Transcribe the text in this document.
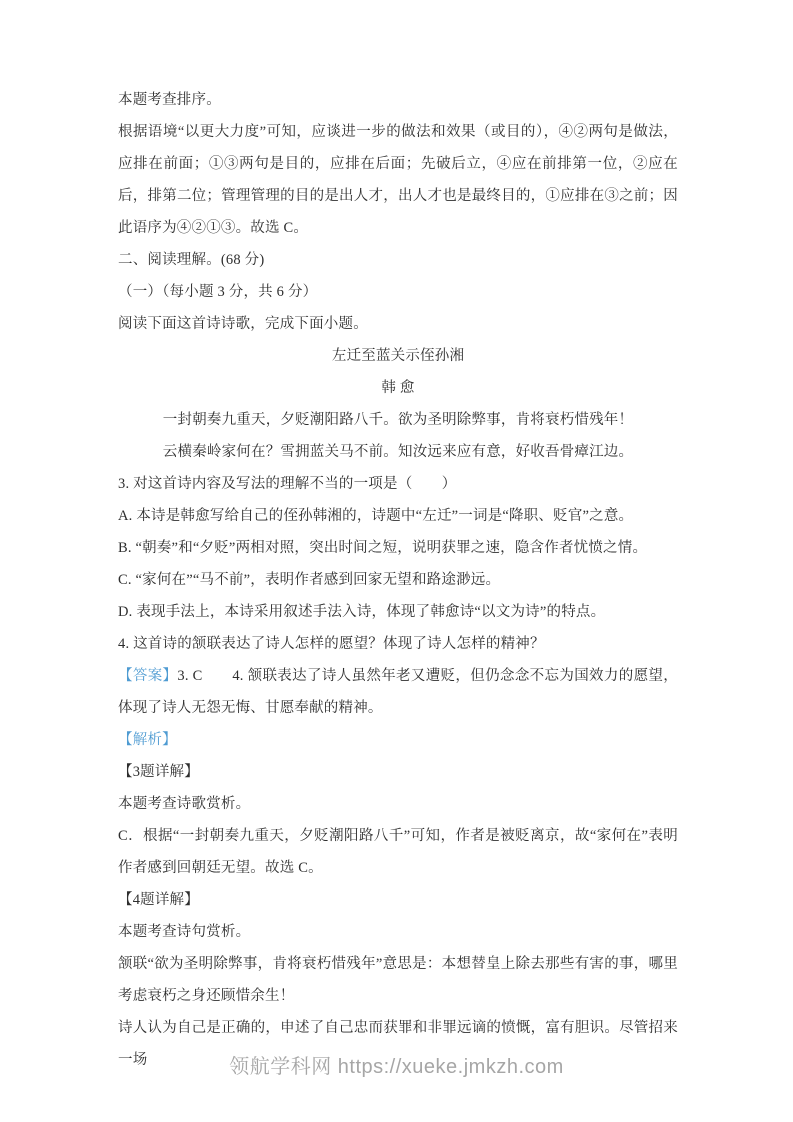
本题考查排序。

根据语境“以更大力度”可知，应谈进一步的做法和效果（或目的），④②两句是做法，应排在前面；①③两句是目的，应排在后面；先破后立，④应在前排第一位，②应在后，排第二位；管理管理的目的是出人才，出人才也是最终目的，①应排在③之前；因此语序为④②①③。故选 C。

二、阅读理解。(68 分)

（一）（每小题 3 分，共 6 分）

阅读下面这首诗诗歌，完成下面小题。

左迁至蓝关示侄孙湘

韩 愈

一封朝奏九重天，夕贬潮阳路八千。欲为圣明除弊事，肯将衰朽惜残年！

云横秦岭家何在？雪拥蓝关马不前。知汝远来应有意，好收吾骨瘴江边。

3. 对这首诗内容及写法的理解不当的一项是（　　）

A. 本诗是韩愈写给自己的侄孙韩湘的，诗题中“左迁”一词是“降职、贬官”之意。

B. “朝奏”和“夕贬”两相对照，突出时间之短，说明获罪之速，隐含作者忧愤之情。

C. “家何在”“马不前”，表明作者感到回家无望和路途渺远。

D. 表现手法上，本诗采用叙述手法入诗，体现了韩愈诗“以文为诗”的特点。

4. 这首诗的颔联表达了诗人怎样的愿望？体现了诗人怎样的精神？

【答案】3. C　　4. 颔联表达了诗人虽然年老又遭贬，但仍念念不忘为国效力的愿望，体现了诗人无怨无悔、甘愿奉献的精神。

【解析】

【3题详解】

本题考查诗歌赏析。

C．根据“一封朝奏九重天，夕贬潮阳路八千”可知，作者是被贬离京，故“家何在”表明作者感到回朝廷无望。故选 C。

【4题详解】

本题考查诗句赏析。

颔联“欲为圣明除弊事，肯将衰朽惜残年”意思是：本想替皇上除去那些有害的事，哪里考虑衰朽之身还顾惜余生！

诗人认为自己是正确的，申述了自己忠而获罪和非罪远谪的愤慨，富有胆识。尽管招来一场	领航学科网 https://xueke.jmkzh.com
